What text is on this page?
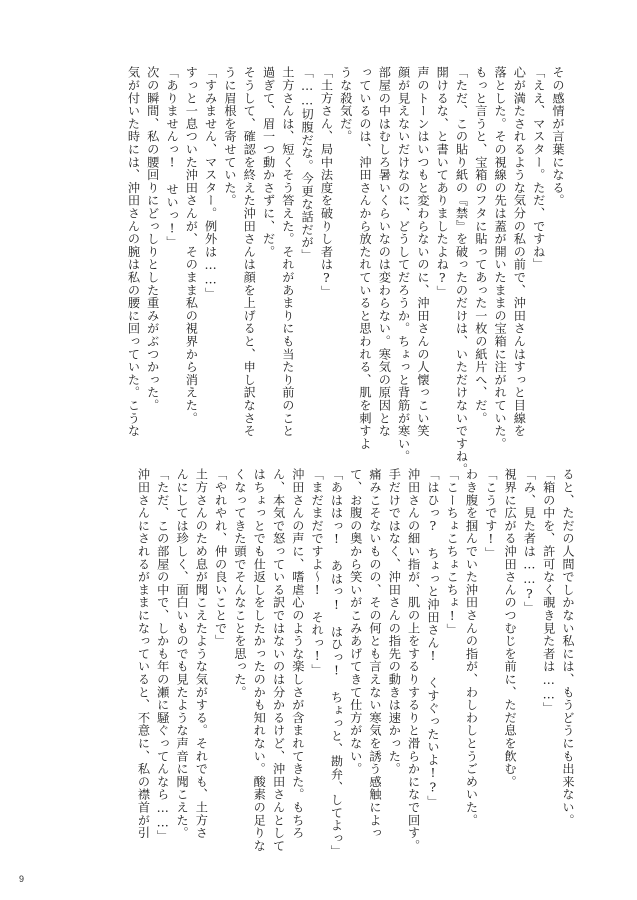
その感情が言葉になる。
「ええ、マスター。ただ、ですね」
心が満たされるような気分の私の前で、沖田さんはすっと目線を
落とした。その視線の先は蓋が開いたままの宝箱に注がれていた。
もっと言うと、宝箱のフタに貼ってあった一枚の紙片へ、だ。
「ただ、この貼り紙の『禁』を破ったのだけは、いただけないですね。
開けるな、と書いてありましたよね?」
声のトーンはいつもと変わらないのに、沖田さんの人懐っこい笑
顔が見えないだけなのに、どうしてだろうか。ちょっと背筋が寒い。
部屋の中はむしろ暑いくらいなのは変わらない。寒気の原因とな
っているのは、沖田さんから放たれていると思われる、肌を刺すよ
うな殺気だ。
「土方さん、局中法度を破りし者は?」
「……切腹だな。今更な話だが」
土方さんは、短くそう答えた。それがあまりにも当たり前のこと
過ぎて、眉一つ動かさずに、だ。
そうして、確認を終えた沖田さんは顔を上げると、申し訳なさそ
うに眉根を寄せていた。
「すみません、マスター。例外は……」
すっと一息ついた沖田さんが、そのまま私の視界から消えた。
「ありませんっ!　せいっ!」
次の瞬間、私の腰回りにどっしりとした重みがぶつかった。
気が付いた時には、沖田さんの腕は私の腰に回っていた。こうな
ると、ただの人間でしかない私には、もうどうにも出来ない。
「箱の中を、許可なく覗き見た者は……」
「み、見た者は……?」
視界に広がる沖田さんのつむじを前に、ただ息を飲む。
「こうです!」
わき腹を掴んでいた沖田さんの指が、わしわしとうごめいた。
「こーちょこちょこちょ!」
「はひっ?　ちょっと沖田さん!　くすぐったいよ!?」
沖田さんの細い指が、肌の上をするりするりと滑らかになで回す。
手だけではなく、沖田さんの指先の動きは速かった。
痛みこそないものの、その何とも言えない寒気を誘う感触によっ
て、お腹の奥から笑いがこみあげてきて仕方がない。
「あははっ!　あはっ!　はひっ!　ちょっと、勘弁、してよっ」
「まだまだですよ〜!　それっ!」
沖田さんの声に、嗜虐心のような楽しさが含まれてきた。もちろ
ん、本気で怒っている訳ではないのは分かるけど、沖田さんとして
はちょっとでも仕返しをしたかったのかも知れない。酸素の足りな
くなってきた頭でそんなことを思った。
「やれやれ、仲の良いことで」
土方さんのため息が聞こえたような気がする。それでも、土方さ
んにしては珍しく、面白いものでも見たような声音に聞こえた。
「ただ、この部屋の中で、しかも年の瀬に騒ぐってんなら……」
沖田さんにされるがままになっていると、不意に、私の襟首が引
9
